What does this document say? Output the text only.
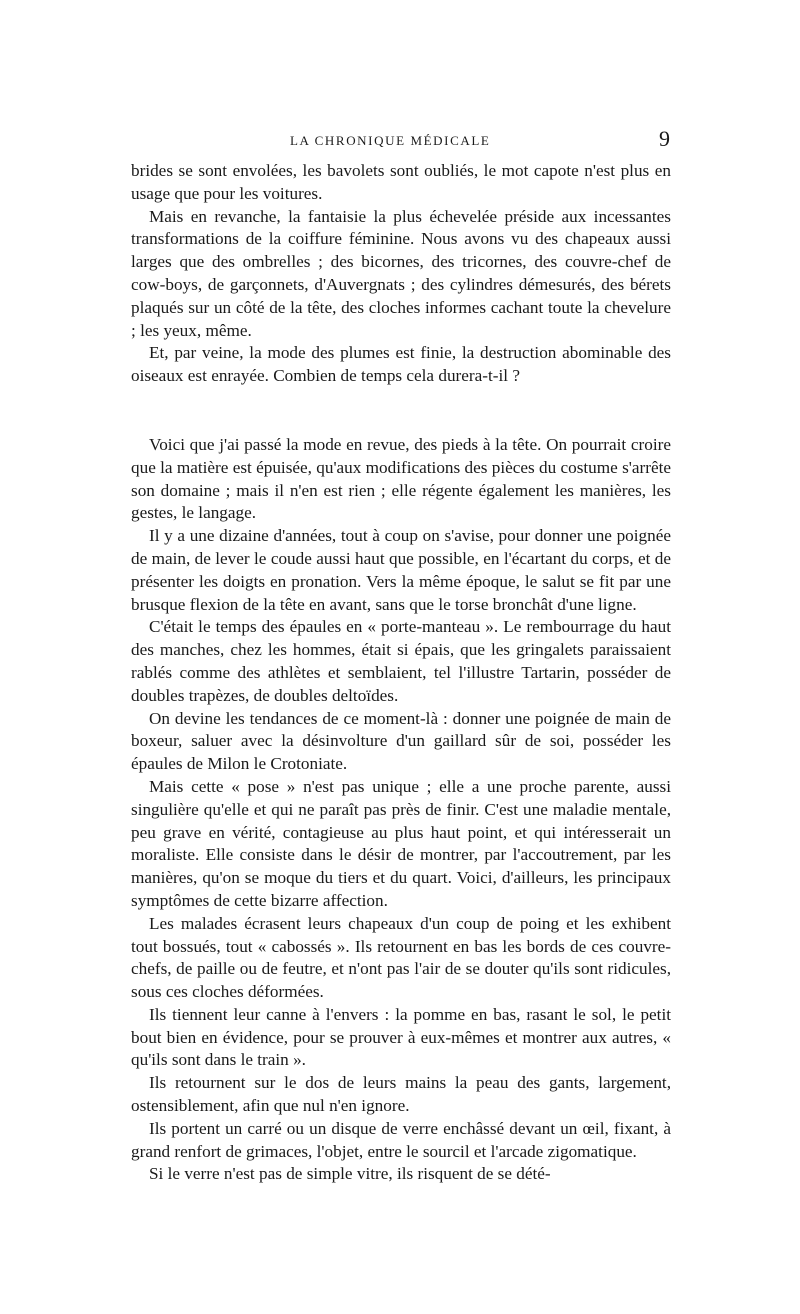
LA CHRONIQUE MÉDICALE	9

brides se sont envolées, les bavolets sont oubliés, le mot capote n'est plus en usage que pour les voitures.

Mais en revanche, la fantaisie la plus échevelée préside aux incessantes transformations de la coiffure féminine. Nous avons vu des chapeaux aussi larges que des ombrelles ; des bicornes, des tricornes, des couvre-chef de cow-boys, de garçonnets, d'Auvergnats ; des cylindres démesurés, des bérets plaqués sur un côté de la tête, des cloches informes cachant toute la chevelure ; les yeux, même.

Et, par veine, la mode des plumes est finie, la destruction abominable des oiseaux est enrayée. Combien de temps cela durera-t-il ?

Voici que j'ai passé la mode en revue, des pieds à la tête. On pourrait croire que la matière est épuisée, qu'aux modifications des pièces du costume s'arrête son domaine ; mais il n'en est rien ; elle régente également les manières, les gestes, le langage.

Il y a une dizaine d'années, tout à coup on s'avise, pour donner une poignée de main, de lever le coude aussi haut que possible, en l'écartant du corps, et de présenter les doigts en pronation. Vers la même époque, le salut se fit par une brusque flexion de la tête en avant, sans que le torse bronchât d'une ligne.

C'était le temps des épaules en « porte-manteau ». Le rembourrage du haut des manches, chez les hommes, était si épais, que les gringalets paraissaient rablés comme des athlètes et semblaient, tel l'illustre Tartarin, posséder de doubles trapèzes, de doubles deltoïdes.

On devine les tendances de ce moment-là : donner une poignée de main de boxeur, saluer avec la désinvolture d'un gaillard sûr de soi, posséder les épaules de Milon le Crotoniate.

Mais cette « pose » n'est pas unique ; elle a une proche parente, aussi singulière qu'elle et qui ne paraît pas près de finir. C'est une maladie mentale, peu grave en vérité, contagieuse au plus haut point, et qui intéresserait un moraliste. Elle consiste dans le désir de montrer, par l'accoutrement, par les manières, qu'on se moque du tiers et du quart. Voici, d'ailleurs, les principaux symptômes de cette bizarre affection.

Les malades écrasent leurs chapeaux d'un coup de poing et les exhibent tout bossués, tout « cabossés ». Ils retournent en bas les bords de ces couvre-chefs, de paille ou de feutre, et n'ont pas l'air de se douter qu'ils sont ridicules, sous ces cloches déformées.

Ils tiennent leur canne à l'envers : la pomme en bas, rasant le sol, le petit bout bien en évidence, pour se prouver à eux-mêmes et montrer aux autres, « qu'ils sont dans le train ».

Ils retournent sur le dos de leurs mains la peau des gants, largement, ostensiblement, afin que nul n'en ignore.

Ils portent un carré ou un disque de verre enchâssé devant un œil, fixant, à grand renfort de grimaces, l'objet, entre le sourcil et l'arcade zigomatique.

Si le verre n'est pas de simple vitre, ils risquent de se dété-
